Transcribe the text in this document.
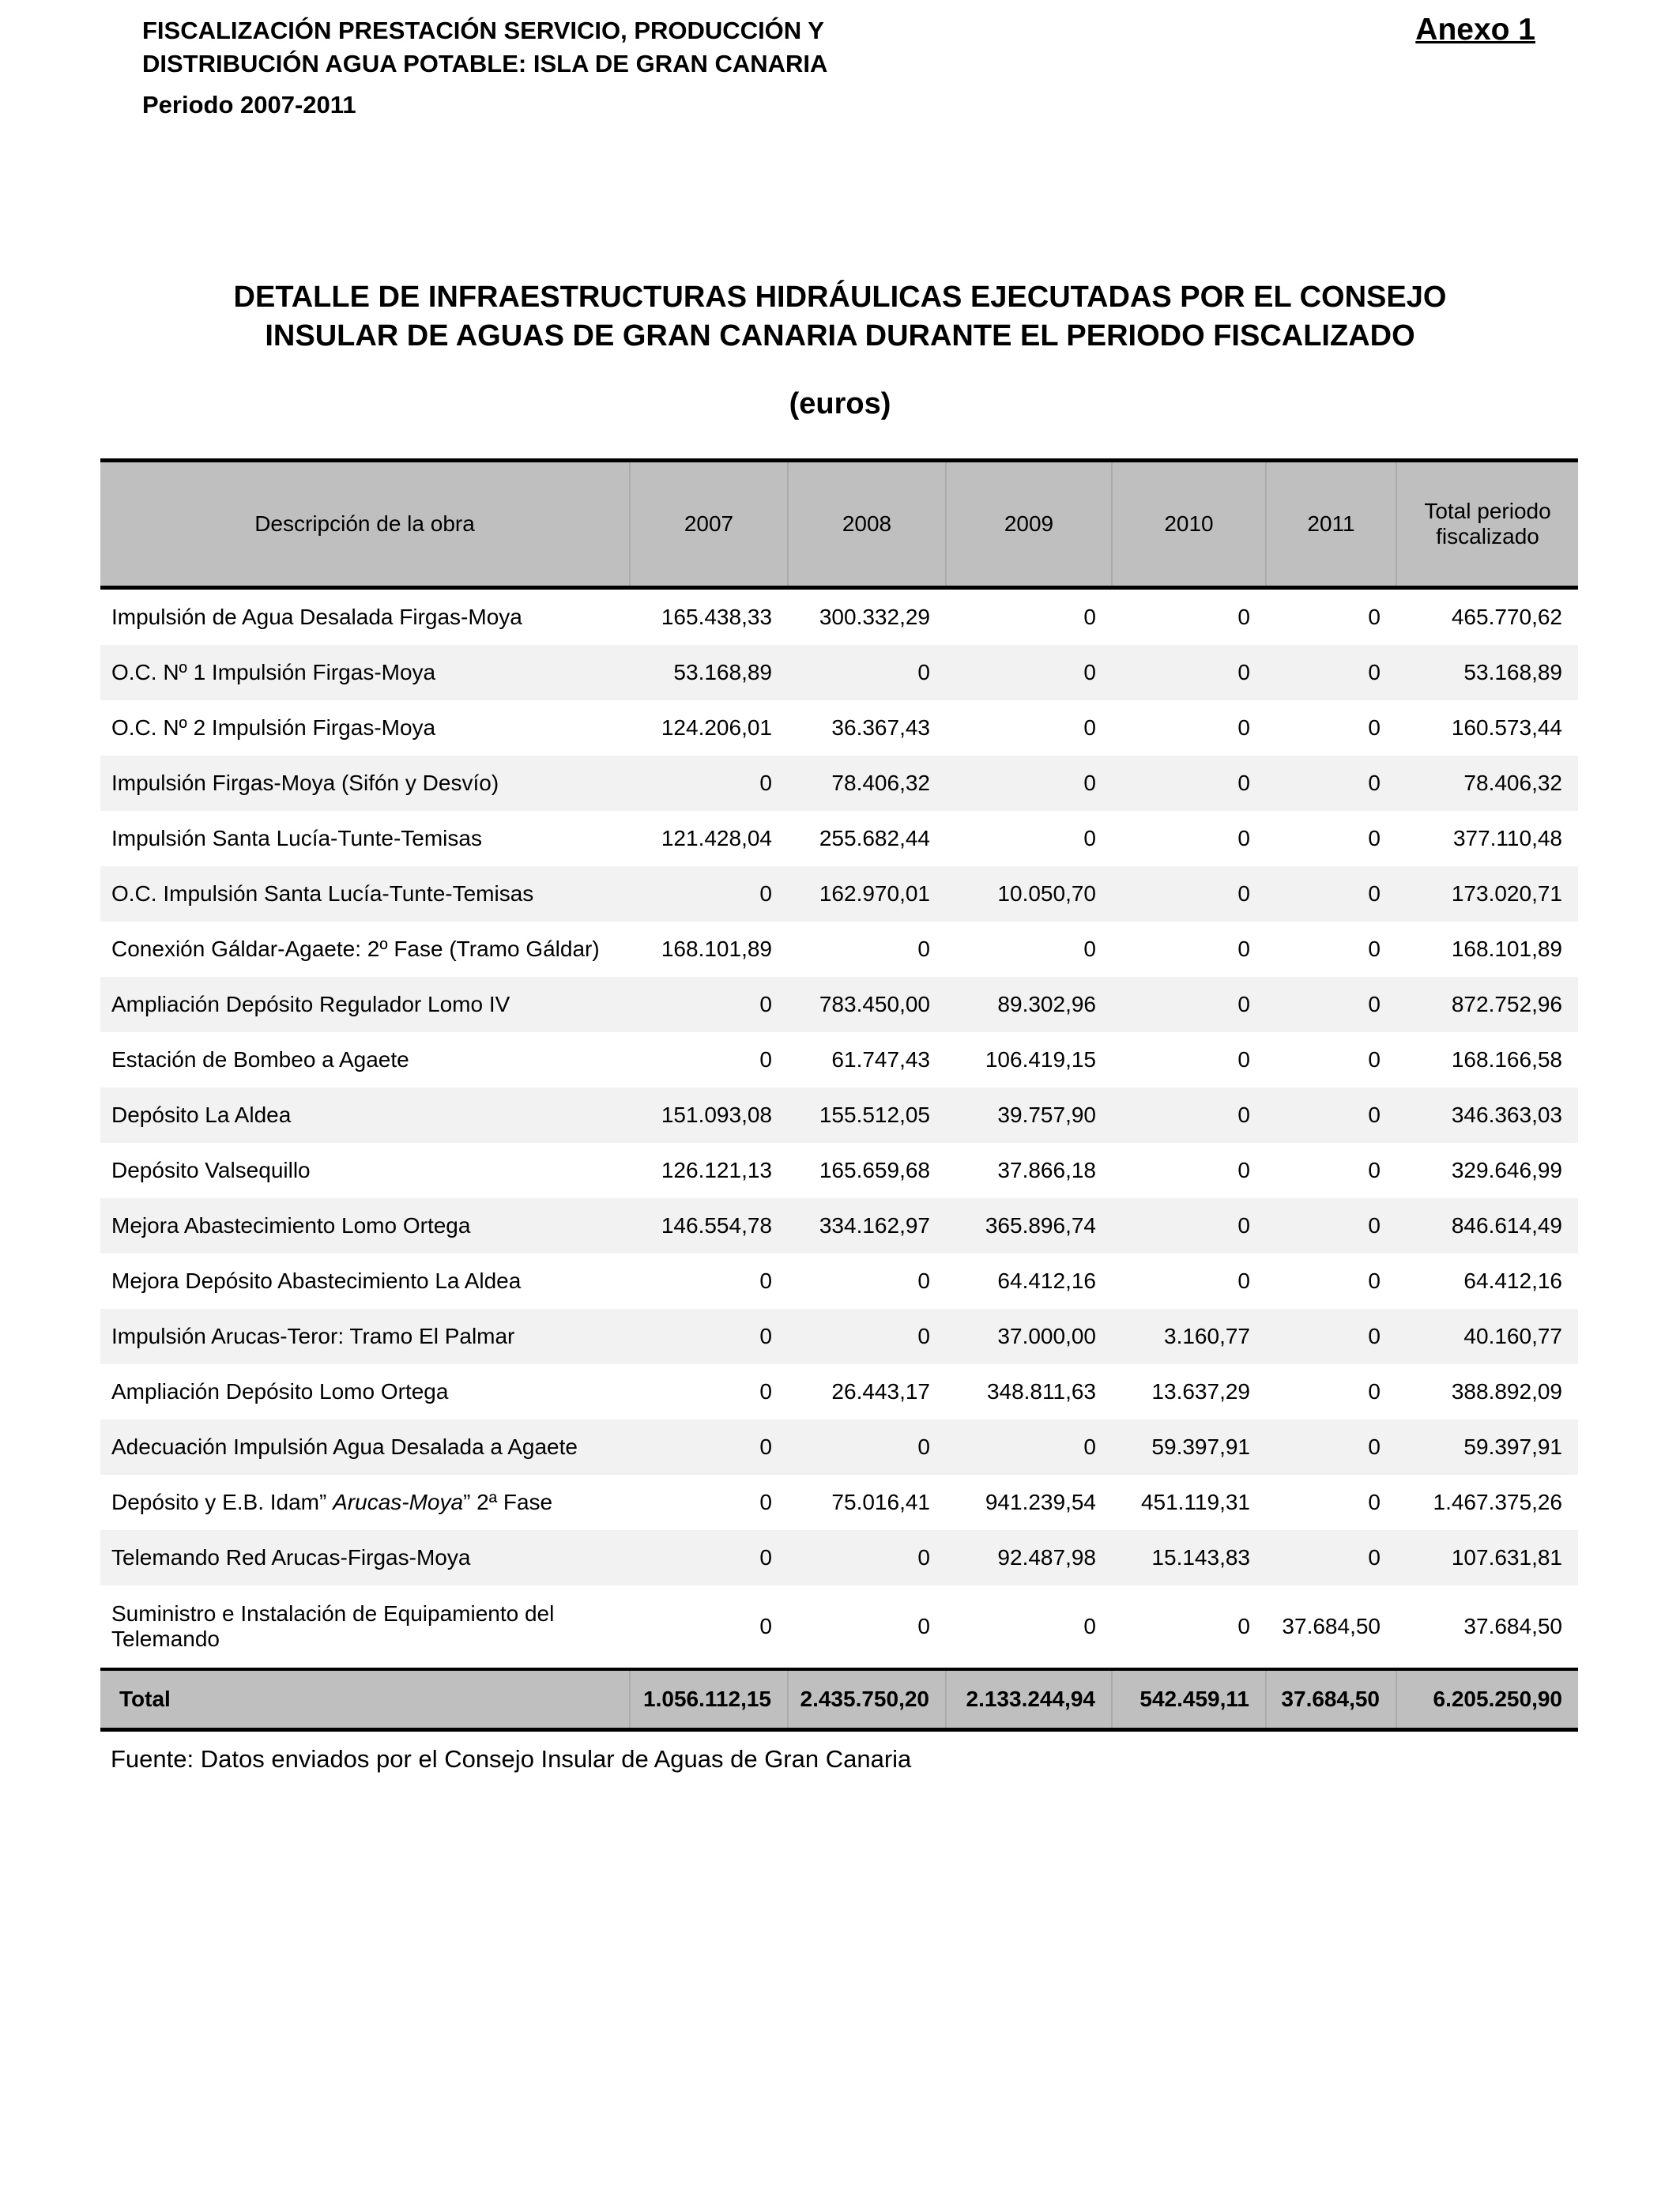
FISCALIZACIÓN PRESTACIÓN SERVICIO, PRODUCCIÓN Y
DISTRIBUCIÓN AGUA POTABLE: ISLA DE GRAN CANARIA
Periodo 2007-2011
Anexo 1
DETALLE DE INFRAESTRUCTURAS HIDRÁULICAS EJECUTADAS POR EL CONSEJO
INSULAR DE AGUAS DE GRAN CANARIA DURANTE EL PERIODO FISCALIZADO
(euros)
Descripción de la obra	2007	2008	2009	2010	2011	Total periodo
fiscalizado
Impulsión de Agua Desalada Firgas-Moya	165.438,33	300.332,29	0	0	0	465.770,62
O.C. Nº 1 Impulsión Firgas-Moya	53.168,89	0	0	0	0	53.168,89
O.C. Nº 2 Impulsión Firgas-Moya	124.206,01	36.367,43	0	0	0	160.573,44
Impulsión Firgas-Moya (Sifón y Desvío)	0	78.406,32	0	0	0	78.406,32
Impulsión Santa Lucía-Tunte-Temisas	121.428,04	255.682,44	0	0	0	377.110,48
O.C. Impulsión Santa Lucía-Tunte-Temisas	0	162.970,01	10.050,70	0	0	173.020,71
Conexión Gáldar-Agaete: 2º Fase (Tramo Gáldar)	168.101,89	0	0	0	0	168.101,89
Ampliación Depósito Regulador Lomo IV	0	783.450,00	89.302,96	0	0	872.752,96
Estación de Bombeo a Agaete	0	61.747,43	106.419,15	0	0	168.166,58
Depósito La Aldea	151.093,08	155.512,05	39.757,90	0	0	346.363,03
Depósito Valsequillo	126.121,13	165.659,68	37.866,18	0	0	329.646,99
Mejora Abastecimiento Lomo Ortega	146.554,78	334.162,97	365.896,74	0	0	846.614,49
Mejora Depósito Abastecimiento La Aldea	0	0	64.412,16	0	0	64.412,16
Impulsión Arucas-Teror: Tramo El Palmar	0	0	37.000,00	3.160,77	0	40.160,77
Ampliación Depósito Lomo Ortega	0	26.443,17	348.811,63	13.637,29	0	388.892,09
Adecuación Impulsión Agua Desalada a Agaete	0	0	0	59.397,91	0	59.397,91
Depósito y E.B. Idam” Arucas-Moya” 2ª Fase	0	75.016,41	941.239,54	451.119,31	0	1.467.375,26
Telemando Red Arucas-Firgas-Moya	0	0	92.487,98	15.143,83	0	107.631,81
Suministro e Instalación de Equipamiento del Telemando	0	0	0	0	37.684,50	37.684,50
Total	1.056.112,15	2.435.750,20	2.133.244,94	542.459,11	37.684,50	6.205.250,90
Fuente: Datos enviados por el Consejo Insular de Aguas de Gran Canaria
